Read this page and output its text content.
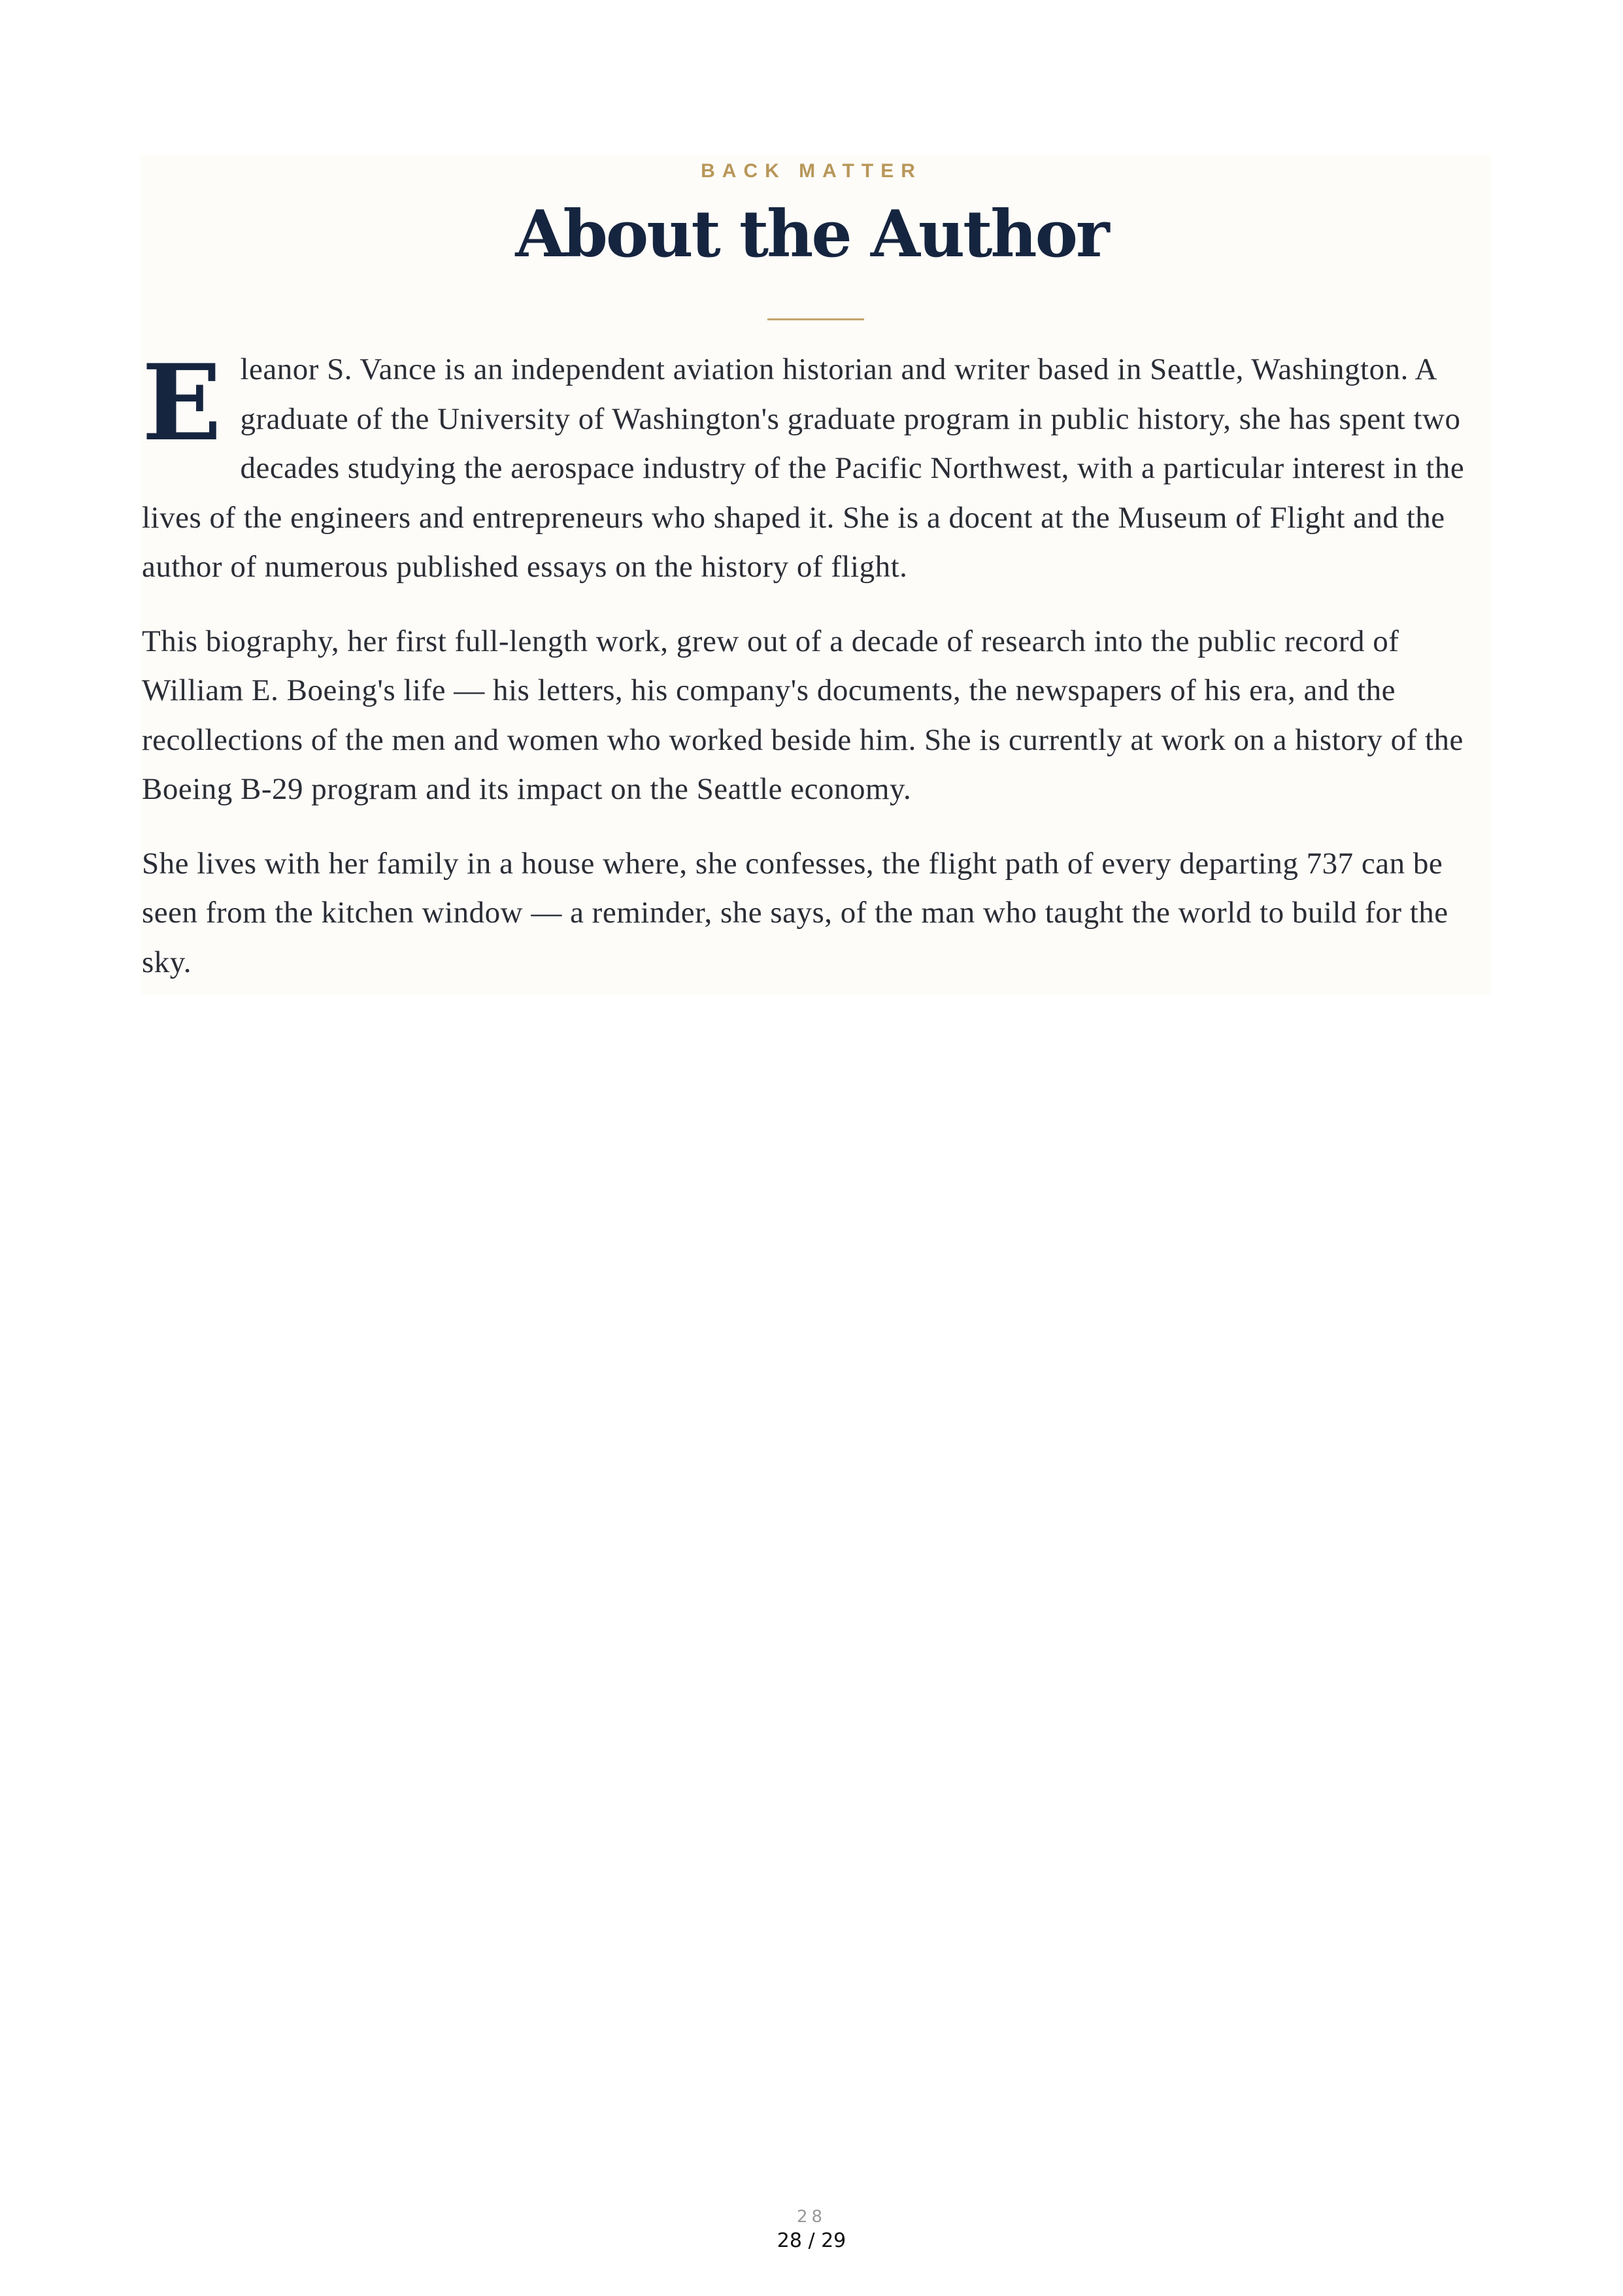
BACK MATTER
About the Author

Eleanor S. Vance is an independent aviation historian and writer based in Seattle, Washington. A graduate of the University of Washington's graduate program in public history, she has spent two decades studying the aerospace industry of the Pacific Northwest, with a particular interest in the lives of the engineers and entrepreneurs who shaped it. She is a docent at the Museum of Flight and the author of numerous published essays on the history of flight.

This biography, her first full-length work, grew out of a decade of research into the public record of William E. Boeing's life — his letters, his company's documents, the newspapers of his era, and the recollections of the men and women who worked beside him. She is currently at work on a history of the Boeing B-29 program and its impact on the Seattle economy.

She lives with her family in a house where, she confesses, the flight path of every departing 737 can be seen from the kitchen window — a reminder, she says, of the man who taught the world to build for the sky.

28
28 / 29
